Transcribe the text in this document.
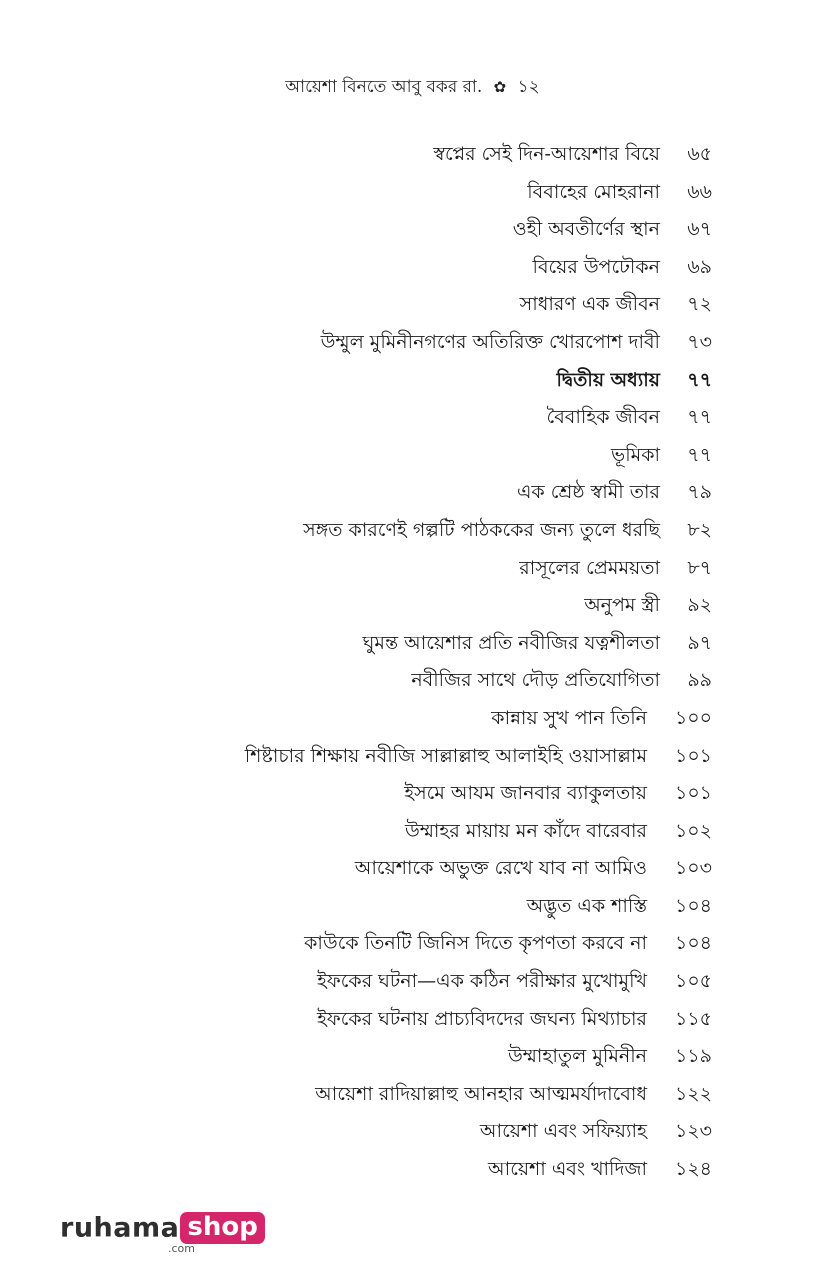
আয়েশা বিনতে আবু বকর রা. ✿ ১২
স্বপ্নের সেই দিন-আয়েশার বিয়ে ৬৫
বিবাহের মোহরানা ৬৬
ওহী অবতীর্ণের স্থান ৬৭
বিয়ের উপঢৌকন ৬৯
সাধারণ এক জীবন ৭২
উম্মুল মুমিনীনগণের অতিরিক্ত খোরপোশ দাবী ৭৩
দ্বিতীয় অধ্যায় ৭৭
বৈবাহিক জীবন ৭৭
ভূমিকা ৭৭
এক শ্রেষ্ঠ স্বামী তার ৭৯
সঙ্গত কারণেই গল্পটি পাঠককের জন্য তুলে ধরছি ৮২
রাসূলের প্রেমময়তা ৮৭
অনুপম স্ত্রী ৯২
ঘুমন্ত আয়েশার প্রতি নবীজির যত্নশীলতা ৯৭
নবীজির সাথে দৌড় প্রতিযোগিতা ৯৯
কান্নায় সুখ পান তিনি ১০০
শিষ্টাচার শিক্ষায় নবীজি সাল্লাল্লাহু আলাইহি ওয়াসাল্লাম ১০১
ইসমে আযম জানবার ব্যাকুলতায় ১০১
উম্মাহর মায়ায় মন কাঁদে বারেবার ১০২
আয়েশাকে অভুক্ত রেখে যাব না আমিও ১০৩
অদ্ভুত এক শাস্তি ১০৪
কাউকে তিনটি জিনিস দিতে কৃপণতা করবে না ১০৪
ইফকের ঘটনা—এক কঠিন পরীক্ষার মুখোমুখি ১০৫
ইফকের ঘটনায় প্রাচ্যবিদদের জঘন্য মিথ্যাচার ১১৫
উম্মাহাতুল মুমিনীন ১১৯
আয়েশা রাদিয়াল্লাহু আনহার আত্মমর্যাদাবোধ ১২২
আয়েশা এবং সফিয়্যাহ ১২৩
আয়েশা এবং খাদিজা ১২৪
ruhama shop
.com
